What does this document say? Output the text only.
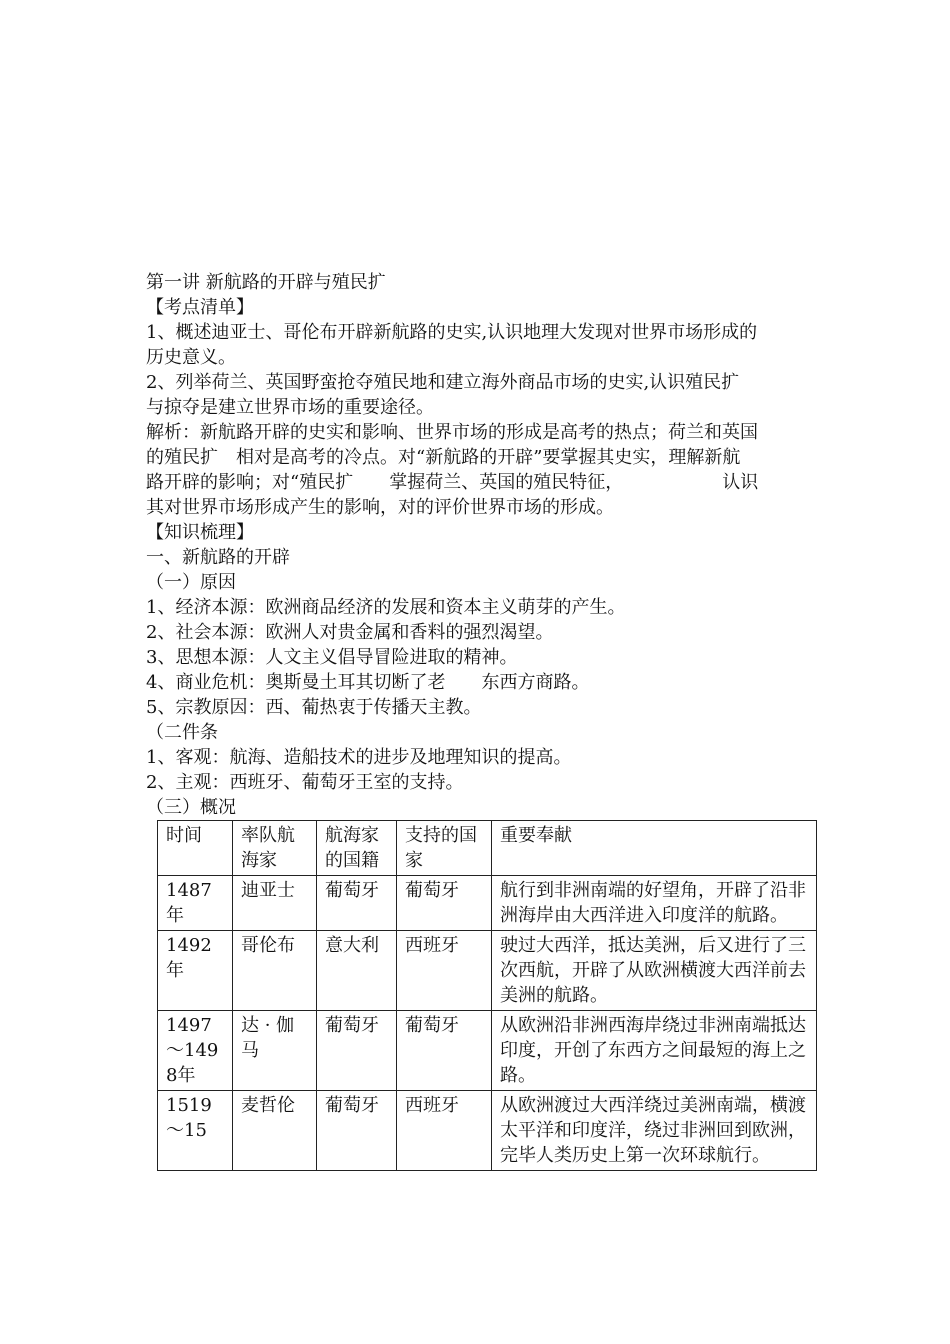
第一讲 新航路的开辟与殖民扩
【考点清单】
1、概述迪亚士、哥伦布开辟新航路的史实,认识地理大发现对世界市场形成的
历史意义。
2、列举荷兰、英国野蛮抢夺殖民地和建立海外商品市场的史实,认识殖民扩
与掠夺是建立世界市场的重要途径。
解析：新航路开辟的史实和影响、世界市场的形成是高考的热点；荷兰和英国
的殖民扩　相对是高考的冷点。对“新航路的开辟”要掌握其史实，理解新航
路开辟的影响；对“殖民扩　　掌握荷兰、英国的殖民特征，　　　　　　认识
其对世界市场形成产生的影响，对的评价世界市场的形成。
【知识梳理】
一、新航路的开辟
（一）原因
1、经济本源：欧洲商品经济的发展和资本主义萌芽的产生。
2、社会本源：欧洲人对贵金属和香料的强烈渴望。
3、思想本源：人文主义倡导冒险进取的精神。
4、商业危机：奥斯曼土耳其切断了老　　东西方商路。
5、宗教原因：西、葡热衷于传播天主教。
（二件条
1、客观：航海、造船技术的进步及地理知识的提高。
2、主观：西班牙、葡萄牙王室的支持。
（三）概况
时间	率队航海家	航海家的国籍	支持的国家	重要奉献
1487年	迪亚士	葡萄牙	葡萄牙	航行到非洲南端的好望角，开辟了沿非洲海岸由大西洋进入印度洋的航路。
1492年	哥伦布	意大利	西班牙	驶过大西洋，抵达美洲，后又进行了三次西航，开辟了从欧洲横渡大西洋前去美洲的航路。
1497～1498年	达 · 伽马	葡萄牙	葡萄牙	从欧洲沿非洲西海岸绕过非洲南端抵达印度，开创了东西方之间最短的海上之路。
1519～15	麦哲伦	葡萄牙	西班牙	从欧洲渡过大西洋绕过美洲南端，横渡太平洋和印度洋，绕过非洲回到欧洲，完毕人类历史上第一次环球航行。
